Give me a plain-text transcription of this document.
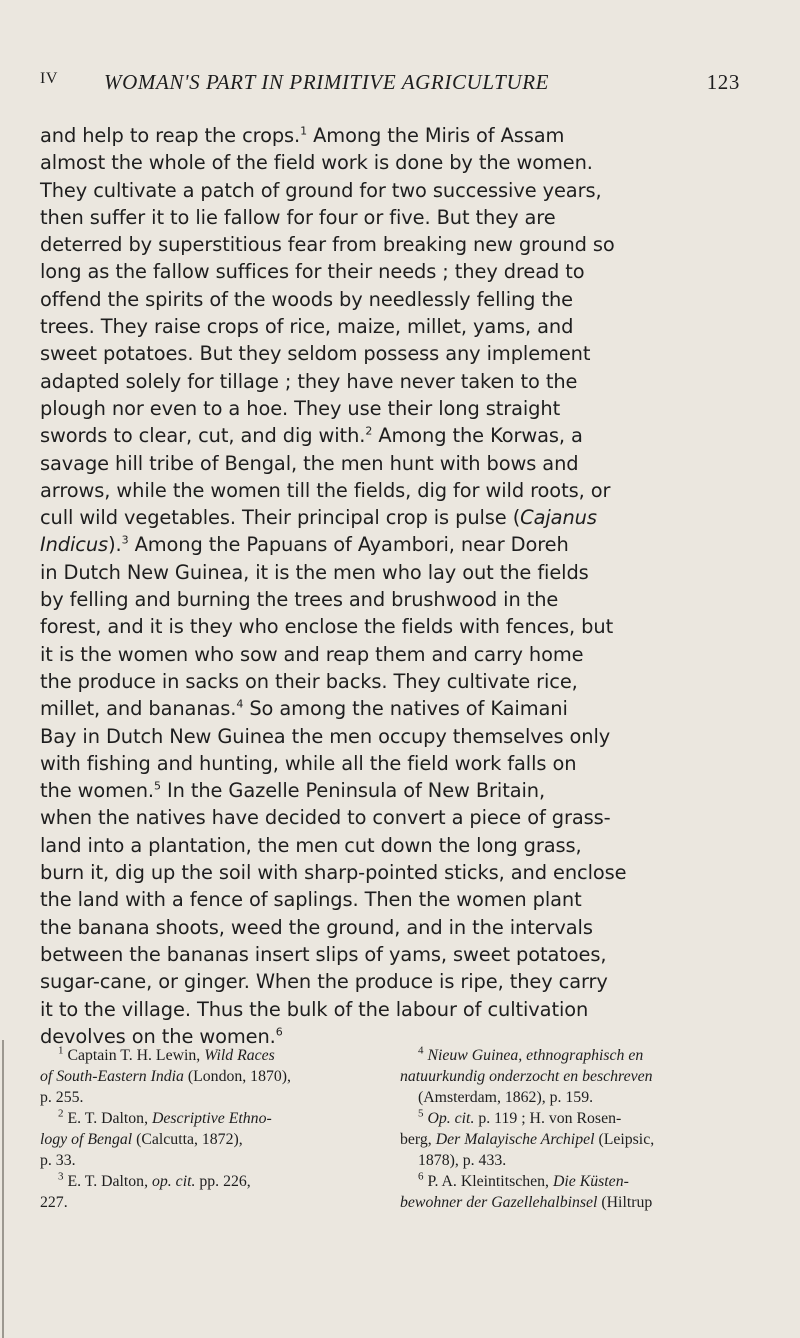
IV WOMAN'S PART IN PRIMITIVE AGRICULTURE	123
and help to reap the crops.$^1$ Among the Miris of Assam
almost the whole of the field work is done by the women.
They cultivate a patch of ground for two successive years,
then suffer it to lie fallow for four or five. But they are
deterred by superstitious fear from breaking new ground so
long as the fallow suffices for their needs ; they dread to
offend the spirits of the woods by needlessly felling the
trees. They raise crops of rice, maize, millet, yams, and
sweet potatoes. But they seldom possess any implement
adapted solely for tillage ; they have never taken to the
plough nor even to a hoe. They use their long straight
swords to clear, cut, and dig with.$^2$ Among the Korwas, a
savage hill tribe of Bengal, the men hunt with bows and
arrows, while the women till the fields, dig for wild roots, or
cull wild vegetables. Their principal crop is pulse (Cajanus
Indicus).$^3$ Among the Papuans of Ayambori, near Doreh
in Dutch New Guinea, it is the men who lay out the fields
by felling and burning the trees and brushwood in the
forest, and it is they who enclose the fields with fences, but
it is the women who sow and reap them and carry home
the produce in sacks on their backs. They cultivate rice,
millet, and bananas.$^4$ So among the natives of Kaimani
Bay in Dutch New Guinea the men occupy themselves only
with fishing and hunting, while all the field work falls on
the women.$^5$ In the Gazelle Peninsula of New Britain,
when the natives have decided to convert a piece of grass-
land into a plantation, the men cut down the long grass,
burn it, dig up the soil with sharp-pointed sticks, and enclose
the land with a fence of saplings. Then the women plant
the banana shoots, weed the ground, and in the intervals
between the bananas insert slips of yams, sweet potatoes,
sugar-cane, or ginger. When the produce is ripe, they carry
it to the village. Thus the bulk of the labour of cultivation
devolves on the women.$^6$
$^1$ Captain T. H. Lewin, Wild Races
of South-Eastern India (London, 1870),
p. 255.
$^2$ E. T. Dalton, Descriptive Ethno-
logy of Bengal (Calcutta, 1872),
p. 33.
$^3$ E. T. Dalton, op. cit. pp. 226,
227.
$^4$ Nieuw Guinea, ethnographisch en
natuurkundig onderzocht en beschreven
(Amsterdam, 1862), p. 159.
$^5$ Op. cit. p. 119 ; H. von Rosen-
berg, Der Malayische Archipel (Leipsic,
1878), p. 433.
$^6$ P. A. Kleintitschen, Die Küsten-
bewohner der Gazellehalbinsel (Hiltrup
